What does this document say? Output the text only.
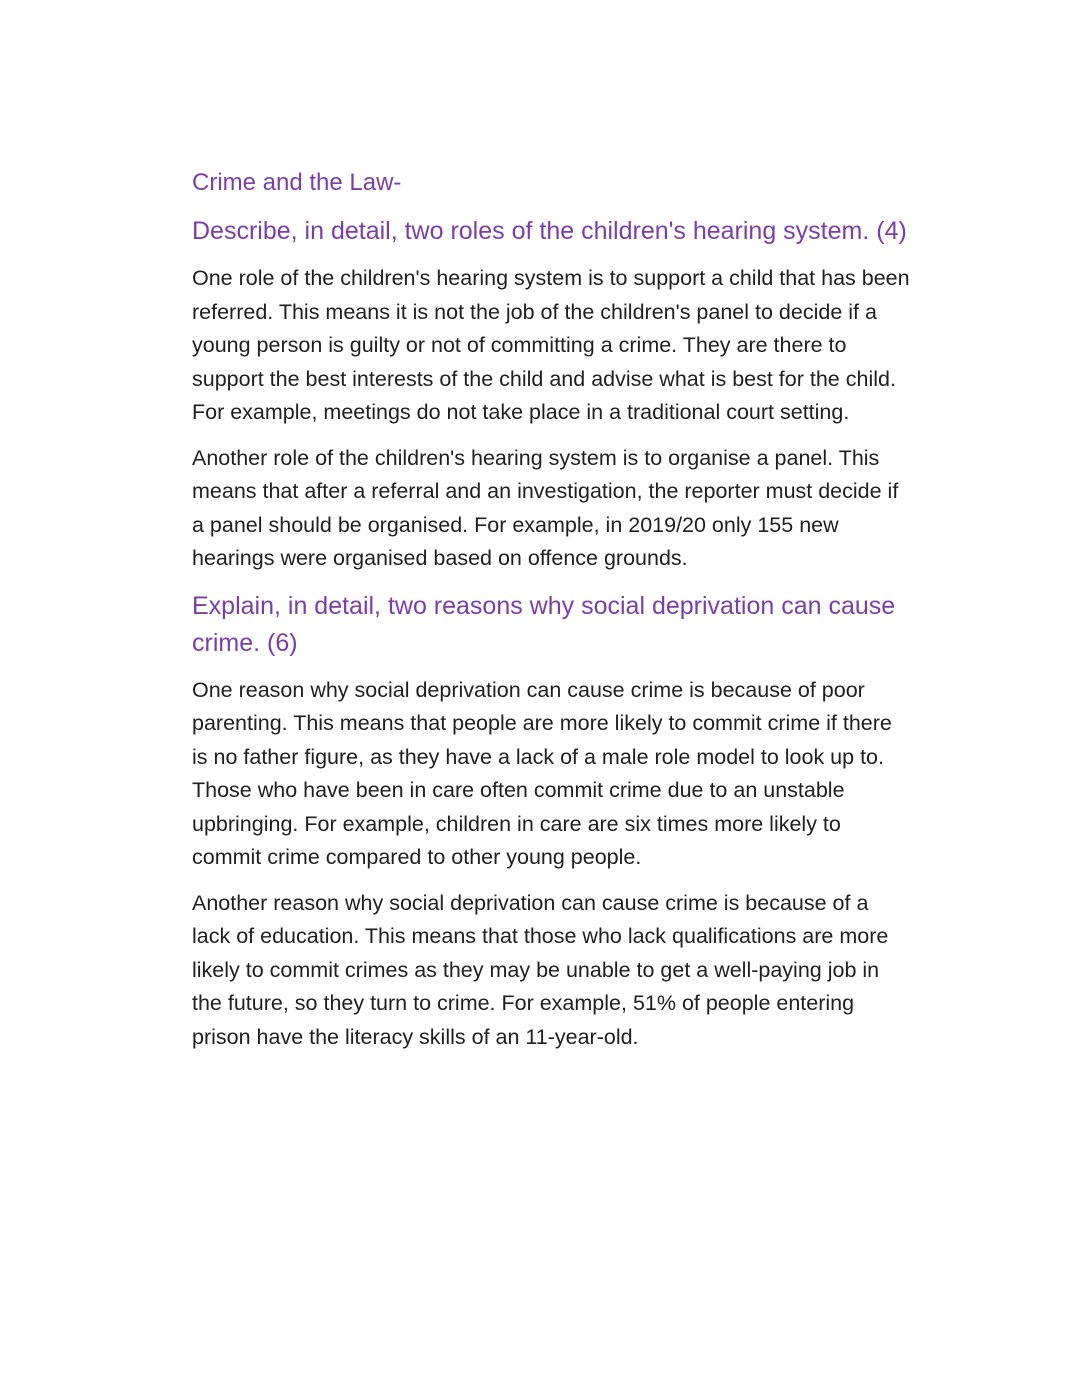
Crime and the Law-
Describe, in detail, two roles of the children's hearing system. (4)

One role of the children's hearing system is to support a child that has been referred. This means it is not the job of the children's panel to decide if a young person is guilty or not of committing a crime. They are there to support the best interests of the child and advise what is best for the child. For example, meetings do not take place in a traditional court setting.

Another role of the children's hearing system is to organise a panel. This means that after a referral and an investigation, the reporter must decide if a panel should be organised. For example, in 2019/20 only 155 new hearings were organised based on offence grounds.

Explain, in detail, two reasons why social deprivation can cause crime. (6)

One reason why social deprivation can cause crime is because of poor parenting. This means that people are more likely to commit crime if there is no father figure, as they have a lack of a male role model to look up to. Those who have been in care often commit crime due to an unstable upbringing. For example, children in care are six times more likely to commit crime compared to other young people.

Another reason why social deprivation can cause crime is because of a lack of education. This means that those who lack qualifications are more likely to commit crimes as they may be unable to get a well-paying job in the future, so they turn to crime. For example, 51% of people entering prison have the literacy skills of an 11-year-old.
